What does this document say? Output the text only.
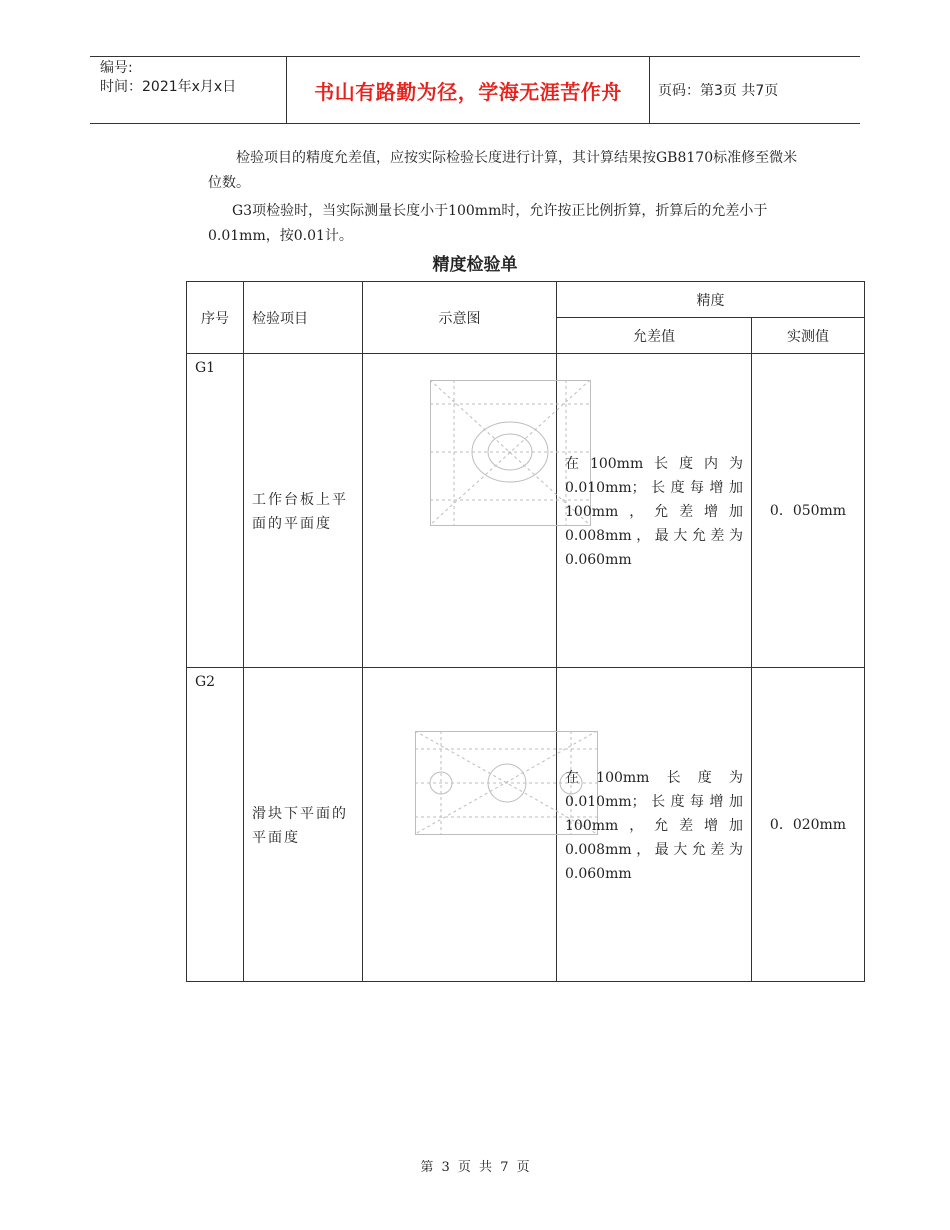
编号:
时间：2021年x月x日	书山有路勤为径，学海无涯苦作舟	页码：第3页 共7页
检验项目的精度允差值，应按实际检验长度进行计算，其计算结果按GB8170标准修至微米位数。
G3项检验时，当实际测量长度小于100mm时，允许按正比例折算，折算后的允差小于0.01mm，按0.01计。
精度检验单
序号	检验项目	示意图	精度	
			允差值	实测值

G1	工作台板上平面的平面度		在100mm长度内为0.010mm；长度每增加100mm，允差增加0.008mm，最大允差为0.060mm	0．050mm

G2	滑块下平面的平面度		在100mm长度为0.010mm；长度每增加100mm，允差增加0.008mm，最大允差为0.060mm	0．020mm
第 3 页 共 7 页
